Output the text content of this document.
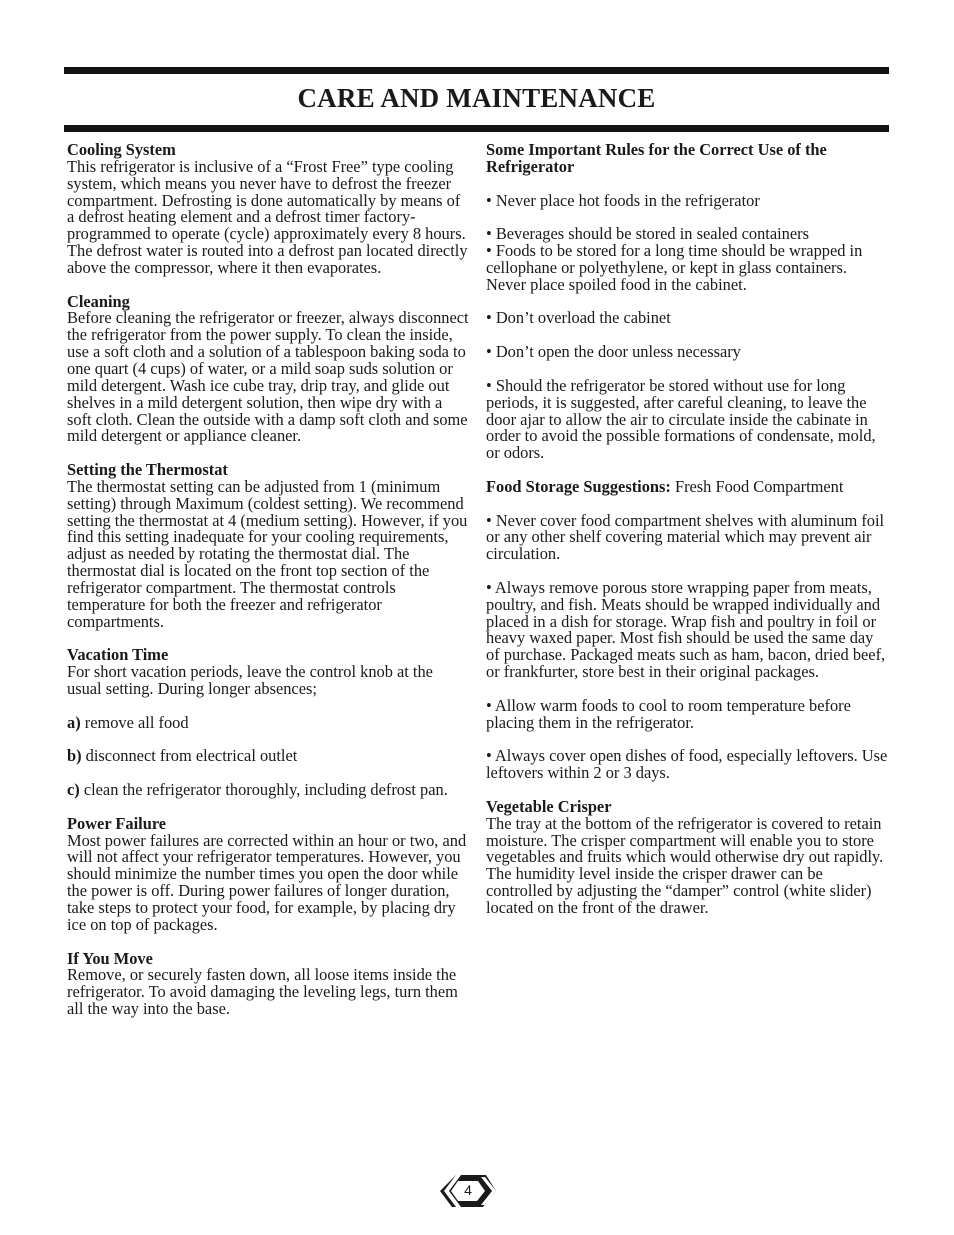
CARE AND MAINTENANCE
Cooling System

This refrigerator is inclusive of a “Frost Free” type cooling system, which means you never have to defrost the freezer compartment. Defrosting is done automatically by means of a defrost heating element and a defrost timer factory-programmed to operate (cycle) approximately every 8 hours. The defrost water is routed into a defrost pan located directly above the compressor, where it then evaporates.

Cleaning

Before cleaning the refrigerator or freezer, always disconnect the refrigerator from the power supply. To clean the inside, use a soft cloth and a solution of a tablespoon baking soda to one quart (4 cups) of water, or a mild soap suds solution or mild detergent. Wash ice cube tray, drip tray, and glide out shelves in a mild detergent solution, then wipe dry with a soft cloth. Clean the outside with a damp soft cloth and some mild detergent or appliance cleaner.

Setting the Thermostat

The thermostat setting can be adjusted from 1 (minimum setting) through Maximum (coldest setting). We recommend setting the thermostat at 4 (medium setting). However, if you find this setting inadequate for your cooling requirements, adjust as needed by rotating the thermostat dial. The thermostat dial is located on the front top section of the refrigerator compartment. The thermostat controls temperature for both the freezer and refrigerator compartments.

Vacation Time

For short vacation periods, leave the control knob at the usual setting. During longer absences;

a) remove all food

b) disconnect from electrical outlet

c) clean the refrigerator thoroughly, including defrost pan.

Power Failure

Most power failures are corrected within an hour or two, and will not affect your refrigerator temperatures. However, you should minimize the number times you open the door while the power is off. During power failures of longer duration, take steps to protect your food, for example, by placing dry ice on top of packages.

If You Move

Remove, or securely fasten down, all loose items inside the refrigerator. To avoid damaging the leveling legs, turn them all the way into the base.

Some Important Rules for the Correct Use of the Refrigerator

• Never place hot foods in the refrigerator

• Beverages should be stored in sealed containers

• Foods to be stored for a long time should be wrapped in cellophane or polyethylene, or kept in glass containers. Never place spoiled food in the cabinet.

• Don’t overload the cabinet

• Don’t open the door unless necessary

• Should the refrigerator be stored without use for long periods, it is suggested, after careful cleaning, to leave the door ajar to allow the air to circulate inside the cabinate in order to avoid the possible formations of condensate, mold, or odors.

Food Storage Suggestions: Fresh Food Compartment

• Never cover food compartment shelves with aluminum foil or any other shelf covering material which may prevent air circulation.

• Always remove porous store wrapping paper from meats, poultry, and fish. Meats should be wrapped individually and placed in a dish for storage. Wrap fish and poultry in foil or heavy waxed paper. Most fish should be used the same day of purchase. Packaged meats such as ham, bacon, dried beef, or frankfurter, store best in their original packages.

• Allow warm foods to cool to room temperature before placing them in the refrigerator.

• Always cover open dishes of food, especially leftovers. Use leftovers within 2 or 3 days.

Vegetable Crisper

The tray at the bottom of the refrigerator is covered to retain moisture. The crisper compartment will enable you to store vegetables and fruits which would otherwise dry out rapidly. The humidity level inside the crisper drawer can be controlled by adjusting the “damper” control (white slider) located on the front of the drawer.

4
